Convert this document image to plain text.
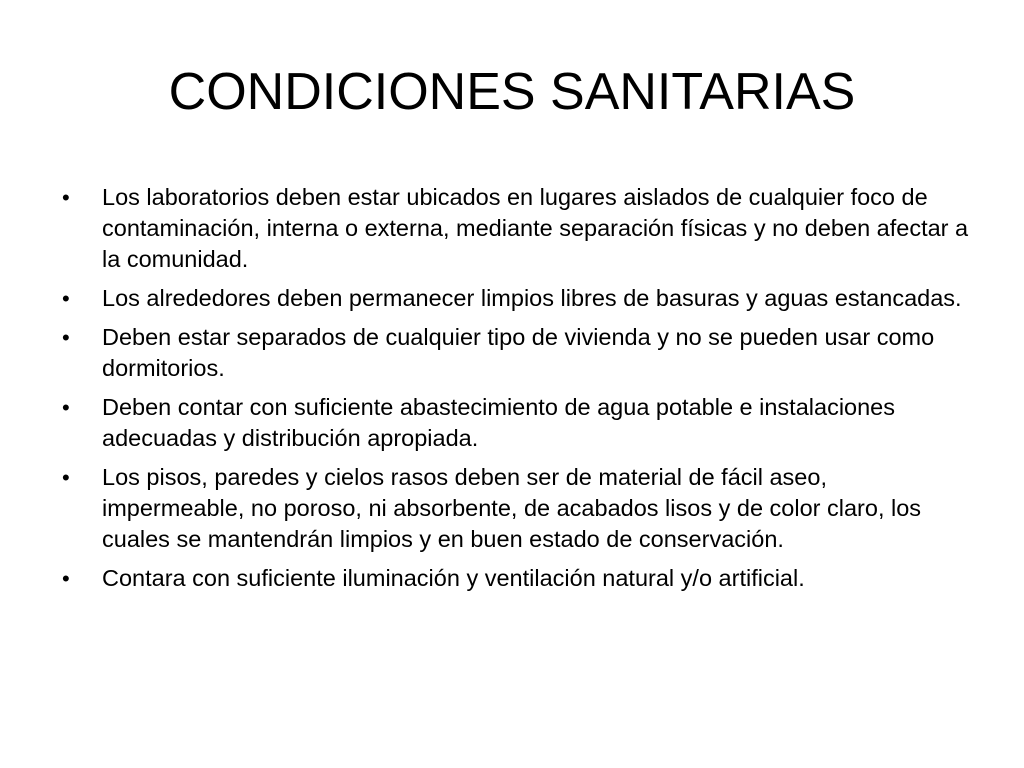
CONDICIONES SANITARIAS
•	Los laboratorios deben estar ubicados en lugares aislados de cualquier foco de contaminación, interna o externa, mediante separación físicas y no deben afectar a la comunidad.
•	Los alrededores deben permanecer limpios libres de basuras y aguas estancadas.
•	Deben estar separados de cualquier tipo de vivienda y no se pueden usar como dormitorios.
•	Deben contar con suficiente abastecimiento de agua potable e instalaciones adecuadas y distribución apropiada.
•	Los pisos, paredes y cielos rasos deben ser de material de fácil aseo, impermeable, no poroso, ni absorbente, de acabados lisos y de color claro, los cuales se mantendrán limpios y en buen estado de conservación.
•	Contara con suficiente iluminación y ventilación natural y/o artificial.
